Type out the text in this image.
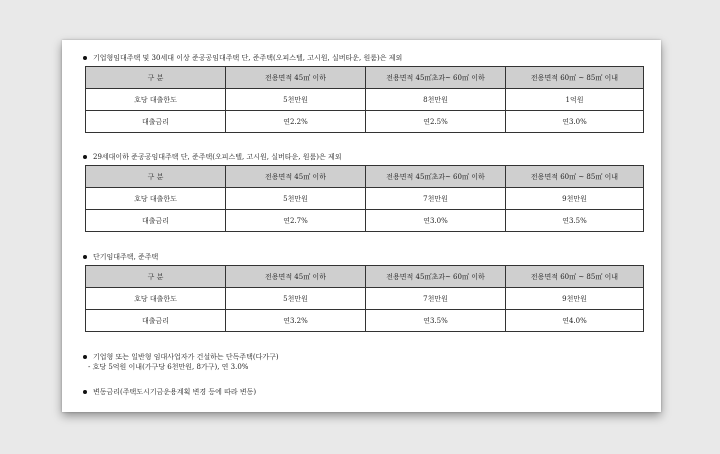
기업형임대주택 및 30세대 이상 준공공임대주택 단, 준주택(오피스텔, 고시원, 실버타운, 원룸)은 제외
구 분	전용면적 45㎡ 이하	전용면적 45㎡초과~ 60㎡ 이하	전용면적 60㎡ ~ 85㎡ 이내
호당 대출한도	5천만원	8천만원	1억원
대출금리	연2.2%	연2.5%	연3.0%
29세대이하 준공공임대주택 단, 준주택(오피스텔, 고시원, 실버타운, 원룸)은 제외
구 분	전용면적 45㎡ 이하	전용면적 45㎡초과~ 60㎡ 이하	전용면적 60㎡ ~ 85㎡ 이내
호당 대출한도	5천만원	7천만원	9천만원
대출금리	연2.7%	연3.0%	연3.5%
단기임대주택, 준주택
구 분	전용면적 45㎡ 이하	전용면적 45㎡초과~ 60㎡ 이하	전용면적 60㎡ ~ 85㎡ 이내
호당 대출한도	5천만원	7천만원	9천만원
대출금리	연3.2%	연3.5%	연4.0%
기업형 또는 일반형 임대사업자가 건설하는 단독주택(다가구)
- 호당 5억원 이내(가구당 6천만원, 8가구), 연 3.0%
변동금리(주택도시기금운용계획 변경 등에 따라 변동)
